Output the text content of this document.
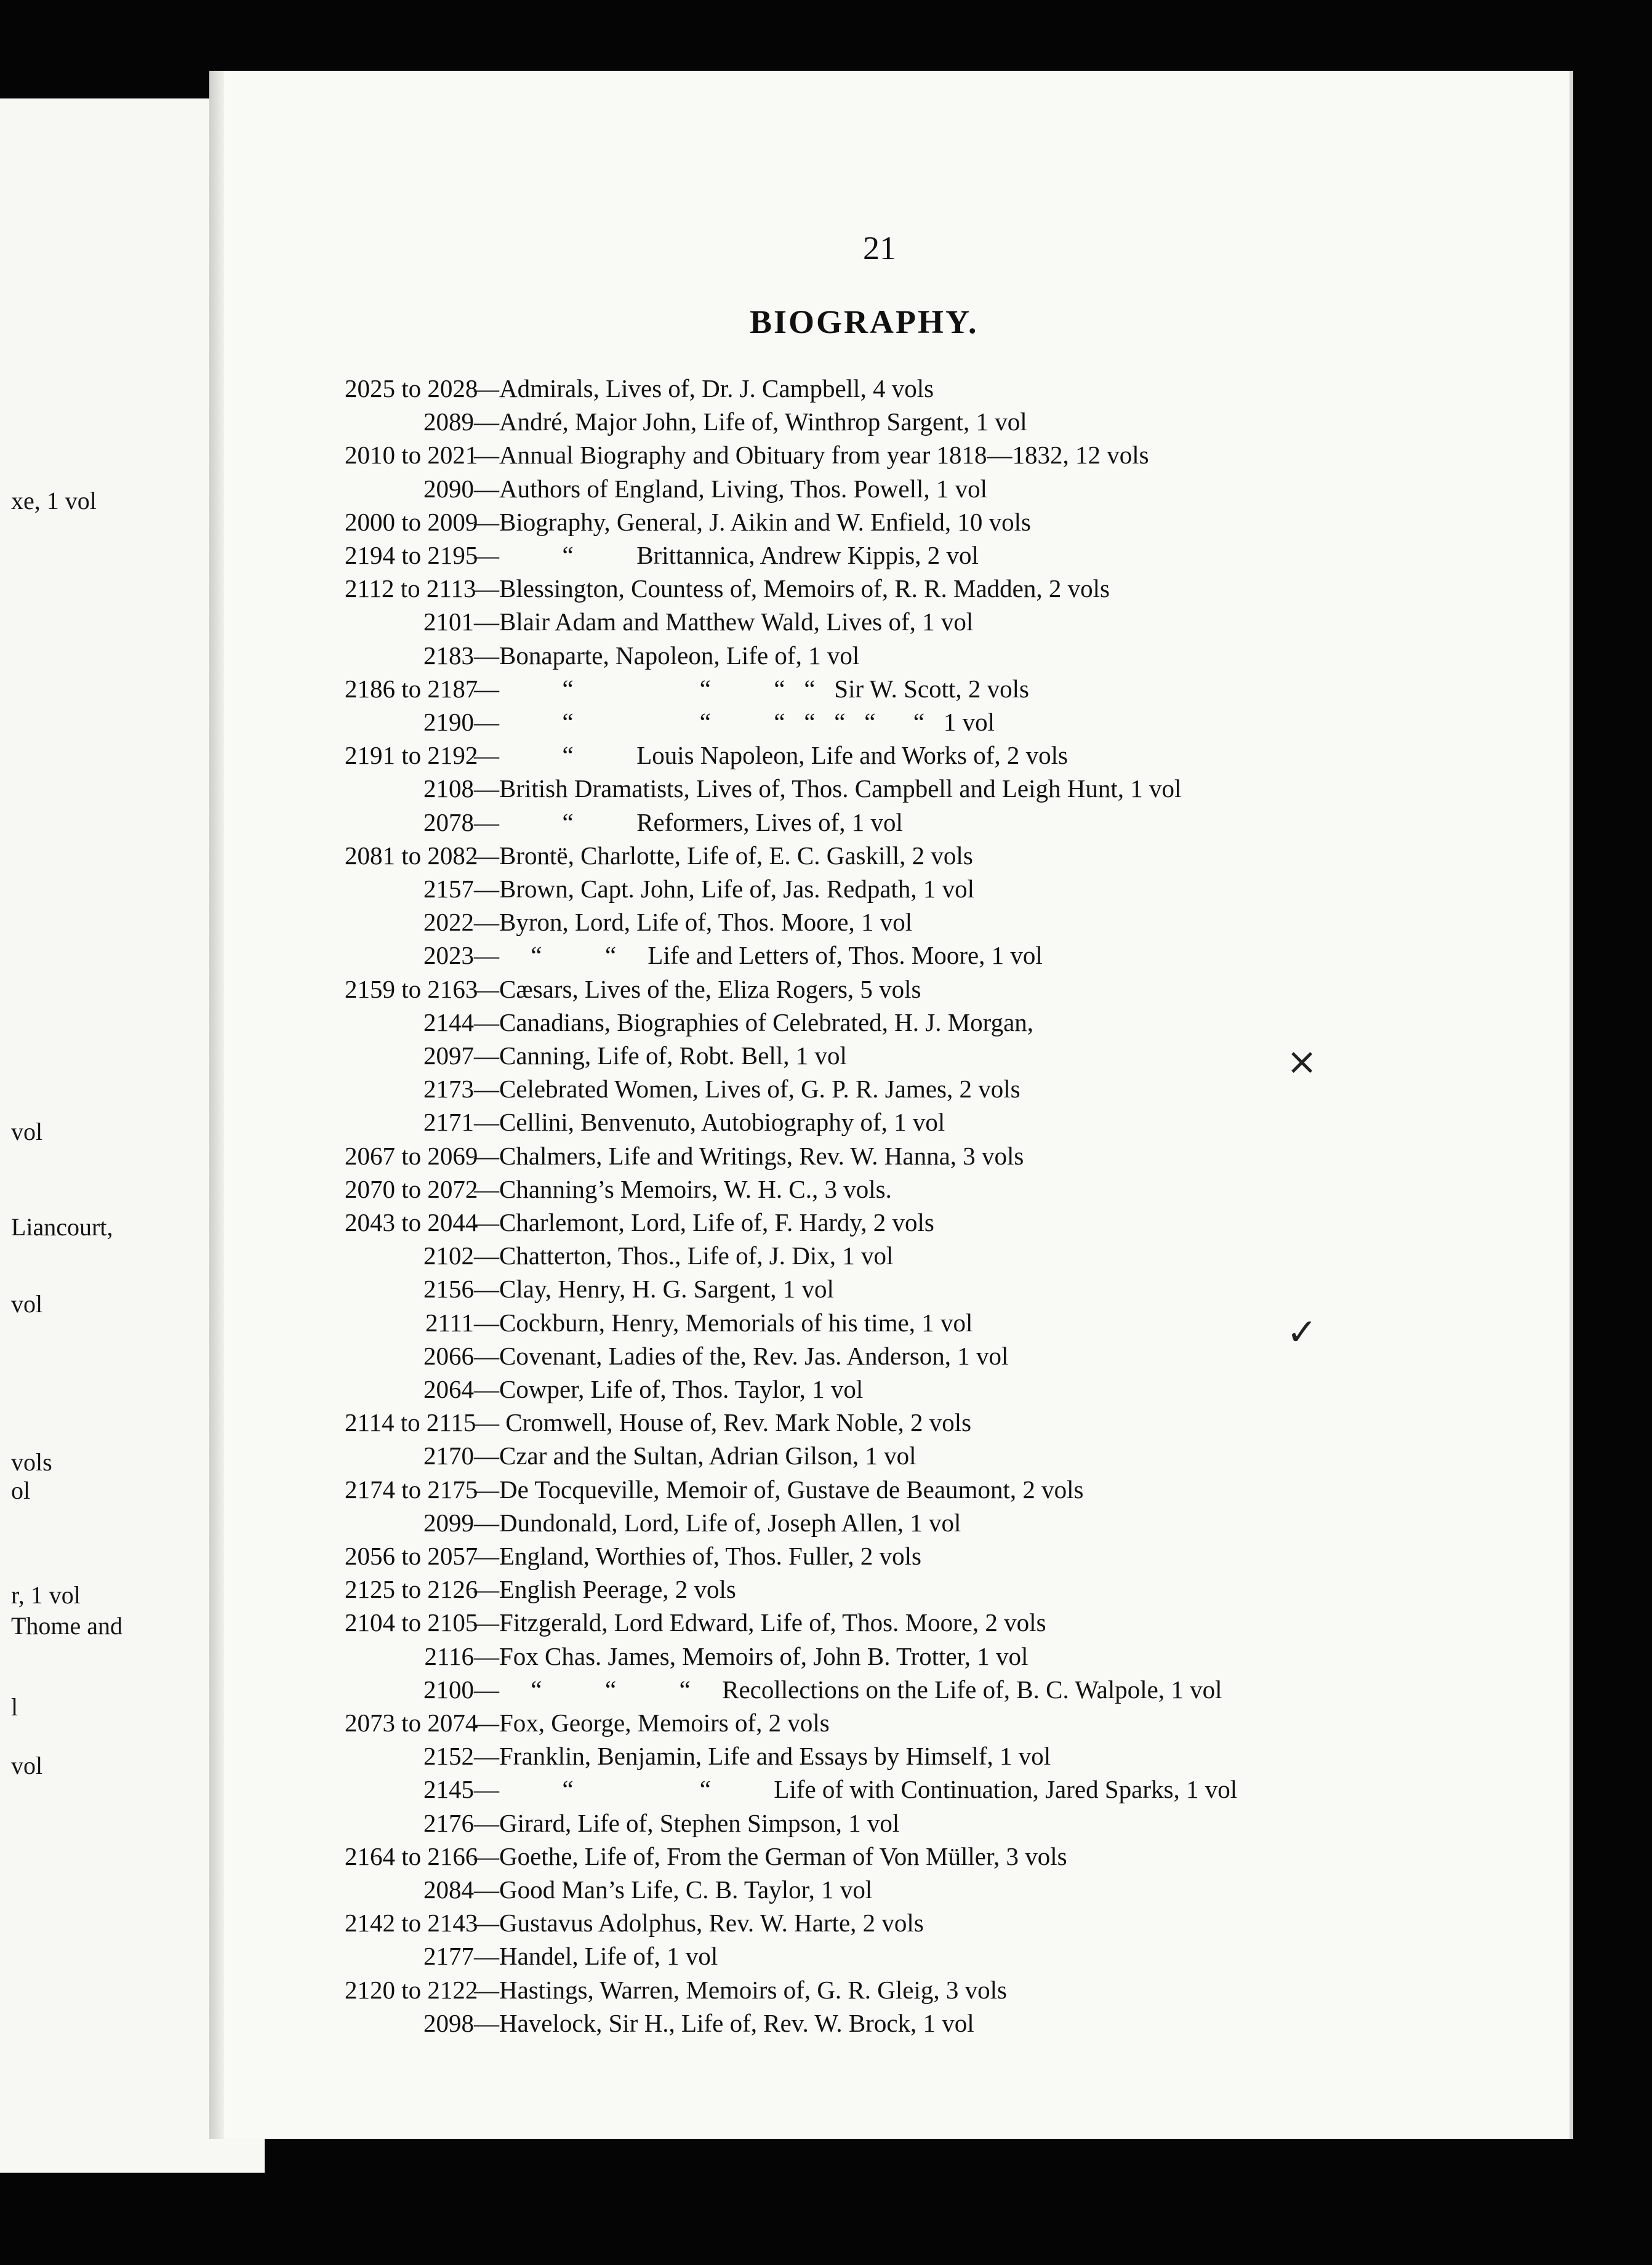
xe, 1 vol
vol
Liancourt,
vol
vols
ol
r, 1 vol
Thome and
l
vol
21
BIOGRAPHY.
2025 to 2028—Admirals, Lives of, Dr. J. Campbell, 4 vols
2089—André, Major John, Life of, Winthrop Sargent, 1 vol
2010 to 2021—Annual Biography and Obituary from year 1818—1832, 12 vols
2090—Authors of England, Living, Thos. Powell, 1 vol
2000 to 2009—Biography, General, J. Aikin and W. Enfield, 10 vols
2194 to 2195—          “          Brittannica, Andrew Kippis, 2 vol
2112 to 2113—Blessington, Countess of, Memoirs of, R. R. Madden, 2 vols
2101—Blair Adam and Matthew Wald, Lives of, 1 vol
2183—Bonaparte, Napoleon, Life of, 1 vol
2186 to 2187—          “                    “          “   “   Sir W. Scott, 2 vols
2190—          “                    “          “   “   “   “      “   1 vol
2191 to 2192—          “          Louis Napoleon, Life and Works of, 2 vols
2108—British Dramatists, Lives of, Thos. Campbell and Leigh Hunt, 1 vol
2078—          “          Reformers, Lives of, 1 vol
2081 to 2082—Brontë, Charlotte, Life of, E. C. Gaskill, 2 vols
2157—Brown, Capt. John, Life of, Jas. Redpath, 1 vol
2022—Byron, Lord, Life of, Thos. Moore, 1 vol
2023—     “          “     Life and Letters of, Thos. Moore, 1 vol
2159 to 2163—Cæsars, Lives of the, Eliza Rogers, 5 vols
2144—Canadians, Biographies of Celebrated, H. J. Morgan,
2097—Canning, Life of, Robt. Bell, 1 vol
2173—Celebrated Women, Lives of, G. P. R. James, 2 vols
2171—Cellini, Benvenuto, Autobiography of, 1 vol
2067 to 2069—Chalmers, Life and Writings, Rev. W. Hanna, 3 vols
2070 to 2072—Channing’s Memoirs, W. H. C., 3 vols.
2043 to 2044—Charlemont, Lord, Life of, F. Hardy, 2 vols
2102—Chatterton, Thos., Life of, J. Dix, 1 vol
2156—Clay, Henry, H. G. Sargent, 1 vol
2111—Cockburn, Henry, Memorials of his time, 1 vol
2066—Covenant, Ladies of the, Rev. Jas. Anderson, 1 vol
2064—Cowper, Life of, Thos. Taylor, 1 vol
2114 to 2115— Cromwell, House of, Rev. Mark Noble, 2 vols
2170—Czar and the Sultan, Adrian Gilson, 1 vol
2174 to 2175—De Tocqueville, Memoir of, Gustave de Beaumont, 2 vols
2099—Dundonald, Lord, Life of, Joseph Allen, 1 vol
2056 to 2057—England, Worthies of, Thos. Fuller, 2 vols
2125 to 2126—English Peerage, 2 vols
2104 to 2105—Fitzgerald, Lord Edward, Life of, Thos. Moore, 2 vols
2116—Fox Chas. James, Memoirs of, John B. Trotter, 1 vol
2100—     “          “          “     Recollections on the Life of, B. C. Walpole, 1 vol
2073 to 2074—Fox, George, Memoirs of, 2 vols
2152—Franklin, Benjamin, Life and Essays by Himself, 1 vol
2145—          “                    “          Life of with Continuation, Jared Sparks, 1 vol
2176—Girard, Life of, Stephen Simpson, 1 vol
2164 to 2166—Goethe, Life of, From the German of Von Müller, 3 vols
2084—Good Man’s Life, C. B. Taylor, 1 vol
2142 to 2143—Gustavus Adolphus, Rev. W. Harte, 2 vols
2177—Handel, Life of, 1 vol
2120 to 2122—Hastings, Warren, Memoirs of, G. R. Gleig, 3 vols
2098—Havelock, Sir H., Life of, Rev. W. Brock, 1 vol
⨯
✓
